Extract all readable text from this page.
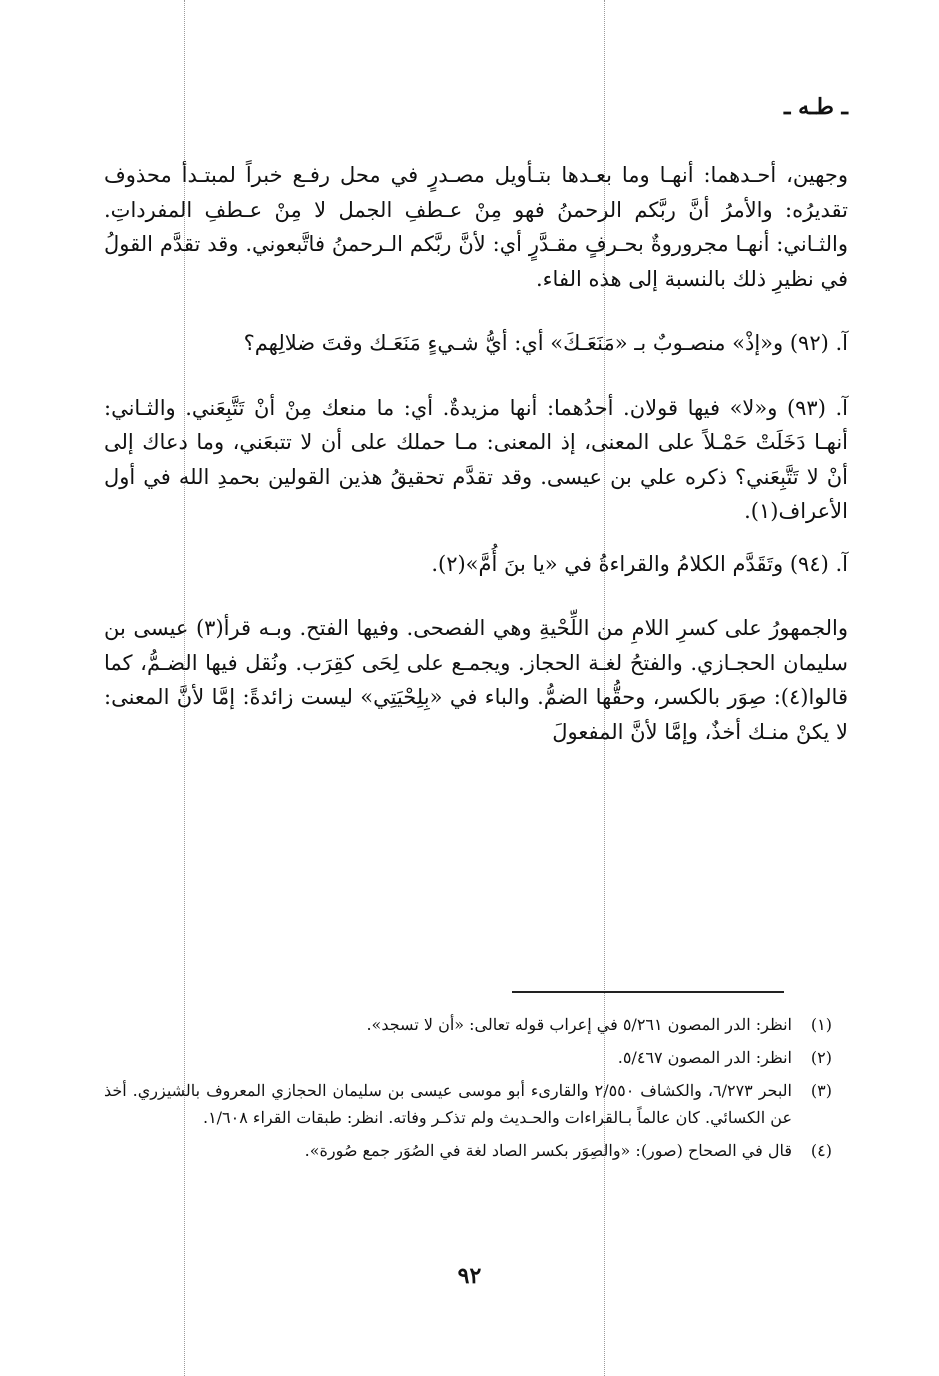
ـ طـه ـ

وجهين، أحـدهما: أنهـا وما بعـدها بتـأويل مصـدرٍ في محل رفـع خبراً لمبتـدأ محذوف تقديرُه: والأمرُ أنَّ ربَّكم الرحمنُ فهو مِنْ عـطفِ الجمل لا مِنْ عـطفِ المفرداتِ. والثـاني: أنهـا مجروروةٌ بحـرفٍ مقـدَّرٍ أي: لأنَّ ربَّكم الـرحمنُ فاتَّبعوني. وقد تقدَّم القولُ في نظيرِ ذلك بالنسبة إلى هذه الفاء.

آ. (٩٢) و«إذْ» منصـوبٌ بـ «مَنَعَـكَ» أي: أيُّ شـيءٍ مَنَعَـك وقتَ ضلالِهم؟

آ. (٩٣) و«لا» فيها قولان. أحدُهما: أنها مزيدةٌ. أي: ما منعك مِنْ أنْ تَتَّبِعَني. والثـاني: أنهـا دَخَلَتْ حَمْـلاً على المعنى، إذ المعنى: مـا حملك على أن لا تتبعَني، وما دعاك إلى أنْ لا تَتَّبِعَني؟ ذكره علي بن عيسى. وقد تقدَّم تحقيقُ هذين القولين بحمدِ الله في أول الأعراف(١).

آ. (٩٤) وتَقَدَّم الكلامُ والقراءةُ في «يا بنَ أُمَّ»(٢).

والجمهورُ على كسرِ اللامِ من اللِّحْيةِ وهي الفصحى. وفيها الفتح. وبـه قرأ(٣) عيسى بن سليمان الحجـازي. والفتحُ لغـة الحجاز. ويجمـع على لِحَى كقِرَب. ونُقل فيها الضـمُّ، كما قالوا(٤): صِوَر بالكسر، وحقُّها الضمُّ. والباء في «بِلِحْيَتِي» ليست زائدةً: إمَّا لأنَّ المعنى: لا يكنْ منـك أخذٌ، وإمَّا لأنَّ المفعولَ

(١)
انظر: الدر المصون ٥/٢٦١ في إعراب قوله تعالى: «أن لا تسجد».
(٢)
انظر: الدر المصون ٥/٤٦٧.
(٣)
البحر ٦/٢٧٣، والكشاف ٢/٥٥٠ والقارىء أبو موسى عيسى بن سليمان الحجازي المعروف بالشيزري. أخذ عن الكسائي. كان عالماً بـالقراءات والحـديث ولم تذكـر وفاته. انظر: طبقات القراء ١/٦٠٨.
(٤)
قال في الصحاح (صور): «والصِوَر بكسر الصاد لغة في الصُوَر جمع صُورة».
٩٢
